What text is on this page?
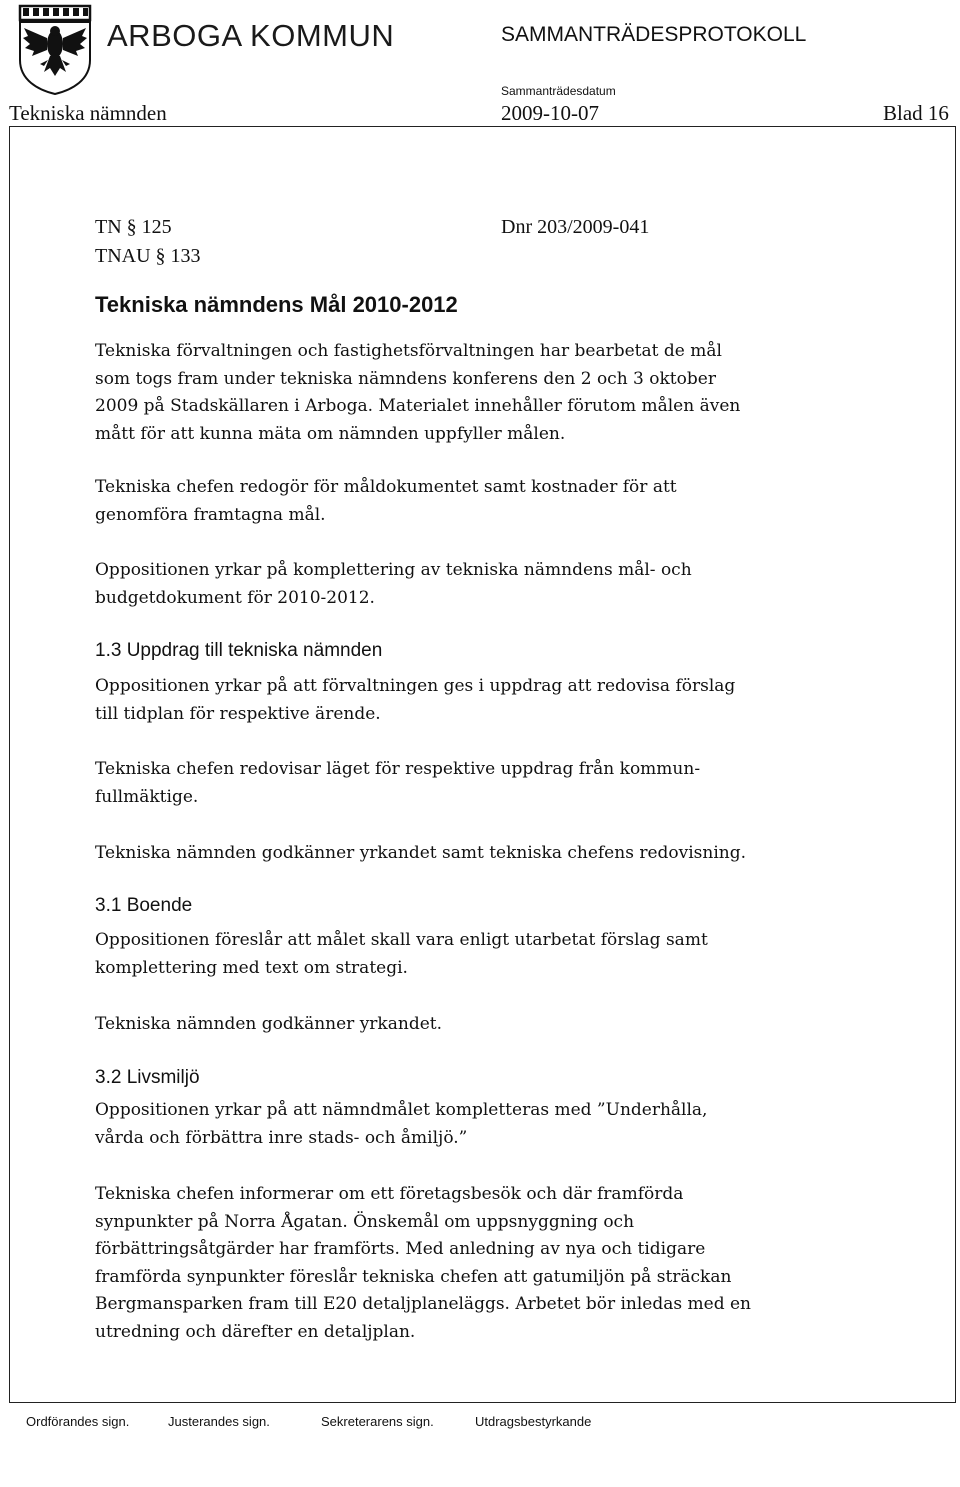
ARBOGA KOMMUN	SAMMANTRÄDESPROTOKOLL
Sammanträdesdatum
Tekniska nämnden	2009-10-07	Blad 16
TN § 125
TNAU § 133
Dnr 203/2009-041
Tekniska nämndens Mål 2010-2012
Tekniska förvaltningen och fastighetsförvaltningen har bearbetat de mål
som togs fram under tekniska nämndens konferens den 2 och 3 oktober
2009 på Stadskällaren i Arboga. Materialet innehåller förutom målen även
mått för att kunna mäta om nämnden uppfyller målen.
Tekniska chefen redogör för måldokumentet samt kostnader för att
genomföra framtagna mål.
Oppositionen yrkar på komplettering av tekniska nämndens mål- och
budgetdokument för 2010-2012.
1.3 Uppdrag till tekniska nämnden
Oppositionen yrkar på att förvaltningen ges i uppdrag att redovisa förslag
till tidplan för respektive ärende.
Tekniska chefen redovisar läget för respektive uppdrag från kommun-
fullmäktige.
Tekniska nämnden godkänner yrkandet samt tekniska chefens redovisning.
3.1 Boende
Oppositionen föreslår att målet skall vara enligt utarbetat förslag samt
komplettering med text om strategi.
Tekniska nämnden godkänner yrkandet.
3.2 Livsmiljö
Oppositionen yrkar på att nämndmålet kompletteras med ”Underhålla,
vårda och förbättra inre stads- och åmiljö.”
Tekniska chefen informerar om ett företagsbesök och där framförda
synpunkter på Norra Ågatan. Önskemål om uppsnyggning och
förbättringsåtgärder har framförts. Med anledning av nya och tidigare
framförda synpunkter föreslår tekniska chefen att gatumiljön på sträckan
Bergmansparken fram till E20 detaljplaneläggs. Arbetet bör inledas med en
utredning och därefter en detaljplan.
Ordförandes sign.	Justerandes sign.	Sekreterarens sign.	Utdragsbestyrkande
